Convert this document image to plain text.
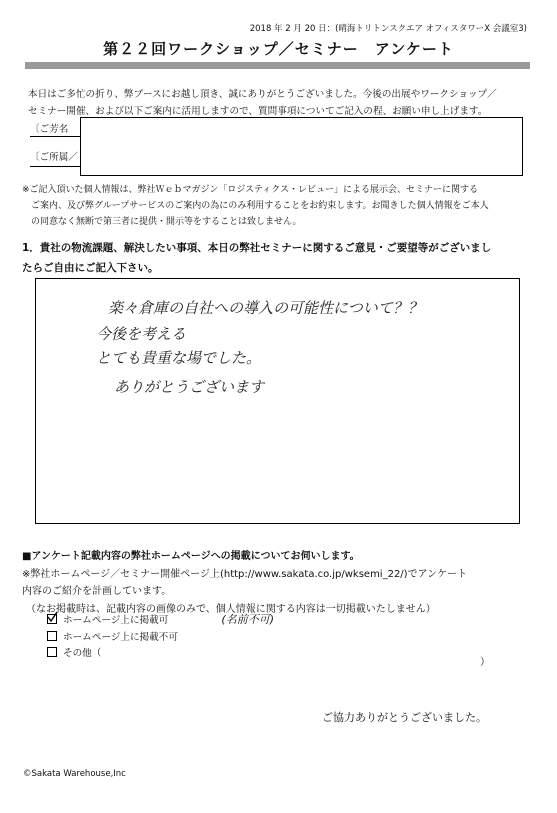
2018 年 2 月 20 日：(晴海トリトンスクエア オフィスタワーX 会議室3)
第２２回ワークショップ／セミナー　アンケート
本日はご多忙の折り、弊ブースにお越し頂き、誠にありがとうございました。今後の出展やワークショップ／
セミナー開催、および以下ご案内に活用しますので、質問事項についてご記入の程、お願い申し上げます。
〔ご芳名
〔ご所属／
※ご記入頂いた個人情報は、弊社Ｗｅｂマガジン「ロジスティクス・レビュー」による展示会、セミナーに関する
ご案内、及び弊グループサービスのご案内の為にのみ利用することをお約束します。お聞きした個人情報をご本人
の同意なく無断で第三者に提供・開示等をすることは致しません。
1．貴社の物流課題、解決したい事項、本日の弊社セミナーに関するご意見・ご要望等がございまし
たらご自由にご記入下さい。
楽々倉庫の自社への導入の可能性について？？
今後を考える
とても貴重な場でした。
ありがとうございます
■アンケート記載内容の弊社ホームページへの掲載についてお伺いします。
※弊社ホームページ／セミナー開催ページ上(http://www.sakata.co.jp/wksemi_22/)でアンケート
内容のご紹介を計画しています。
（なお掲載時は、記載内容の画像のみで、個人情報に関する内容は一切掲載いたしません）
ホームページ上に掲載可	(名前不可)
ホームページ上に掲載不可
その他（
）
ご協力ありがとうございました。
©Sakata Warehouse,Inc
